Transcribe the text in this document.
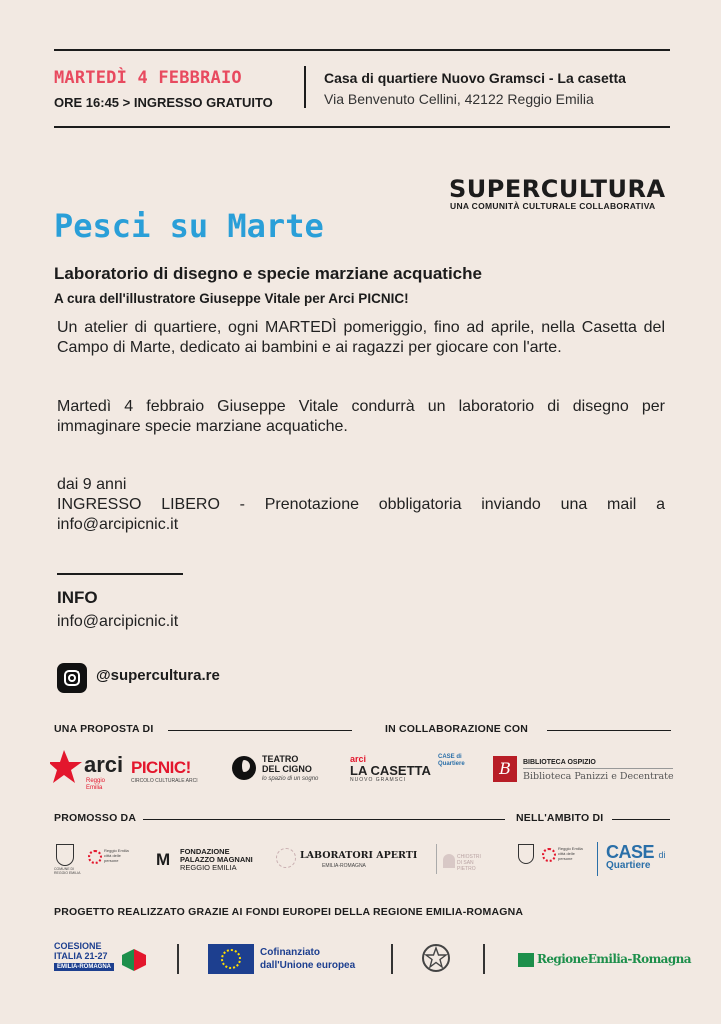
MARTEDÌ 4 FEBBRAIO
ORE 16:45 > INGRESSO GRATUITO
Casa di quartiere Nuovo Gramsci - La casetta
Via Benvenuto Cellini, 42122 Reggio Emilia
SUPERCULTURA
UNA COMUNITÀ CULTURALE COLLABORATIVA
Pesci su Marte
Laboratorio di disegno e specie marziane acquatiche
A cura dell'illustratore Giuseppe Vitale per Arci PICNIC!
Un atelier di quartiere, ogni MARTEDÌ pomeriggio, fino ad aprile, nella Casetta del Campo di Marte, dedicato ai bambini e ai ragazzi per giocare con l'arte.
Martedì 4 febbraio Giuseppe Vitale condurrà un laboratorio di disegno per immaginare specie marziane acquatiche.
dai 9 anni
INGRESSO LIBERO - Prenotazione obbligatoria inviando una mail a info@arcipicnic.it
INFO
info@arcipicnic.it
@supercultura.re
UNA PROPOSTA DI	IN COLLABORAZIONE CON
arci
Reggio Emilia
PICNIC!
CIRCOLO CULTURALE ARCI
TEATRO
DEL CIGNO
lo spazio di un sogno
arci
LA CASETTA
NUOVO GRAMSCI
CASE di Quartiere	B	BIBLIOTECA OSPIZIO
Biblioteca Panizzi e Decentrate
PROMOSSO DA	NELL'AMBITO DI
COMUNE DI REGGIO EMILIA
Reggio Emilia città delle persone	M FONDAZIONE
PALAZZO MAGNANI
REGGIO EMILIA
LABORATORI APERTI
EMILIA-ROMAGNA
CHIOSTRI DI SAN PIETRO
Reggio Emilia città delle persone	CASE di
Quartiere
PROGETTO REALIZZATO GRAZIE AI FONDI EUROPEI DELLA REGIONE EMILIA-ROMAGNA
COESIONE
ITALIA 21-27
EMILIA-ROMAGNA
Cofinanziato
dall'Unione europea	RegioneEmilia-Romagna
